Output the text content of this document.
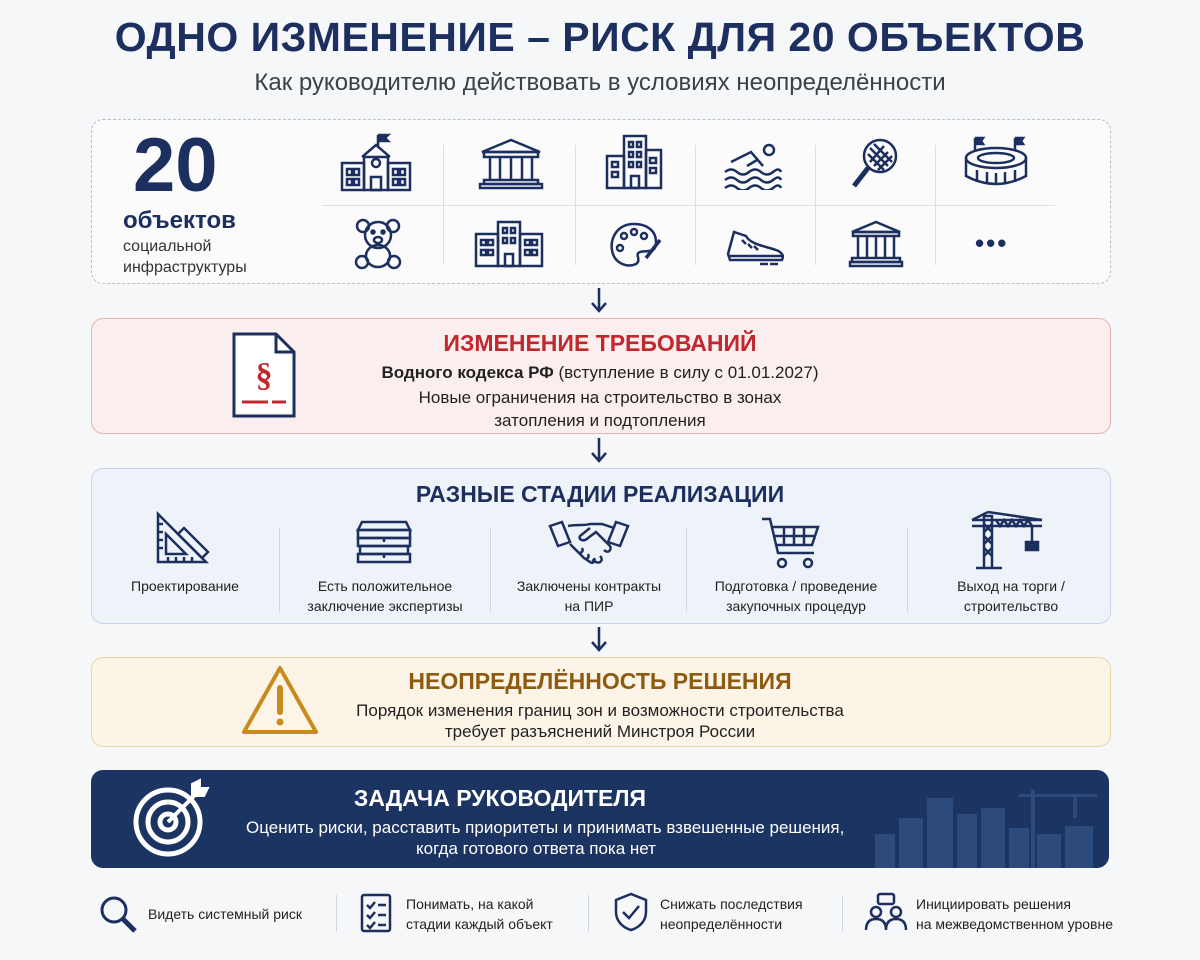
ОДНО ИЗМЕНЕНИЕ – РИСК ДЛЯ 20 ОБЪЕКТОВ
Как руководителю действовать в условиях неопределённости
20
объектов
социальной
инфраструктуры
•••
§
ИЗМЕНЕНИЕ ТРЕБОВАНИЙ
Водного кодекса РФ (вступление в силу с 01.01.2027)
Новые ограничения на строительство в зонах
затопления и подтопления
РАЗНЫЕ СТАДИИ РЕАЛИЗАЦИИ
Проектирование	Есть положительное
заключение экспертизы
Заключены контракты
на ПИР
Подготовка / проведение
закупочных процедур
Выход на торги /
строительство
НЕОПРЕДЕЛЁННОСТЬ РЕШЕНИЯ
Порядок изменения границ зон и возможности строительства
требует разъяснений Минстроя России
ЗАДАЧА РУКОВОДИТЕЛЯ
Оценить риски, расставить приоритеты и принимать взвешенные решения,
когда готового ответа пока нет
Видеть системный риск
Понимать, на какой
стадии каждый объект
Снижать последствия
неопределённости
Инициировать решения
на межведомственном уровне
